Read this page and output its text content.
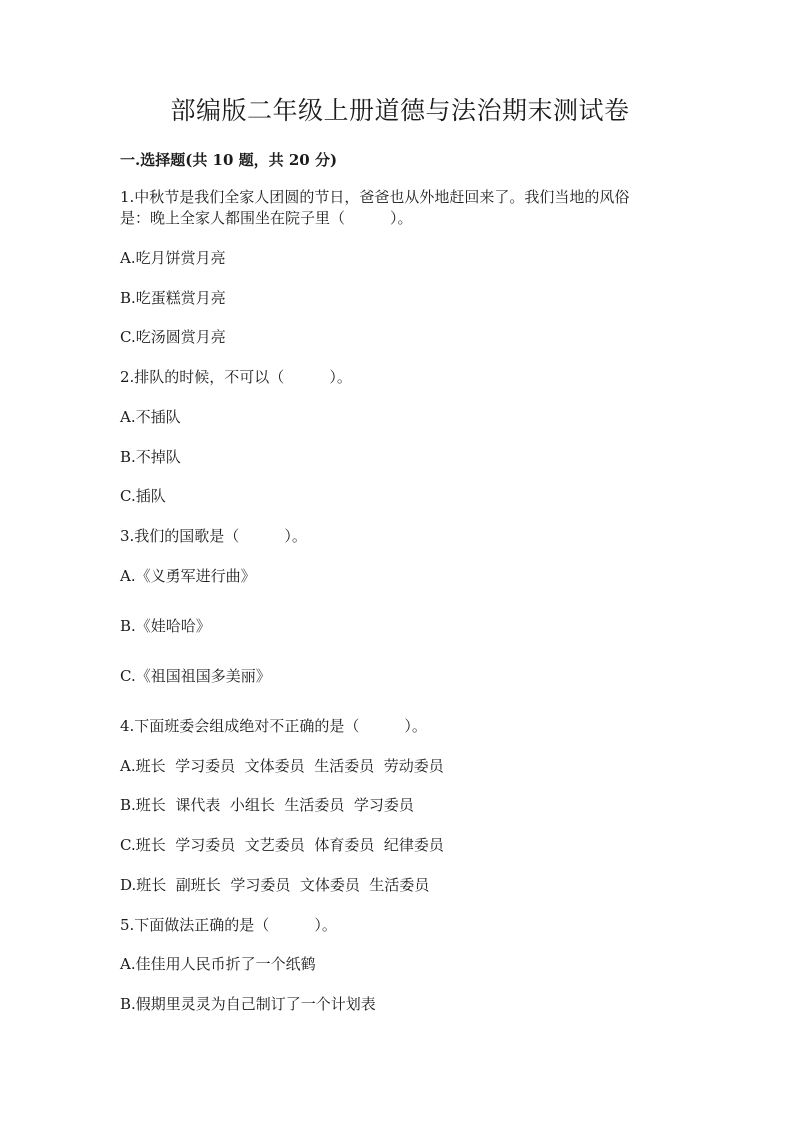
部编版二年级上册道德与法治期末测试卷
一.选择题(共 10 题，共 20 分)
1.中秋节是我们全家人团圆的节日，爸爸也从外地赶回来了。我们当地的风俗
是：晚上全家人都围坐在院子里（　　　）。
A.吃月饼赏月亮
B.吃蛋糕赏月亮
C.吃汤圆赏月亮
2.排队的时候，不可以（　　　）。
A.不插队
B.不掉队
C.插队
3.我们的国歌是（　　　）。
A.《义勇军进行曲》
B.《娃哈哈》
C.《祖国祖国多美丽》
4.下面班委会组成绝对不正确的是（　　　）。
A.班长  学习委员  文体委员  生活委员  劳动委员
B.班长  课代表  小组长  生活委员  学习委员
C.班长  学习委员  文艺委员  体育委员  纪律委员
D.班长  副班长  学习委员  文体委员  生活委员
5.下面做法正确的是（　　　）。
A.佳佳用人民币折了一个纸鹤
B.假期里灵灵为自己制订了一个计划表
